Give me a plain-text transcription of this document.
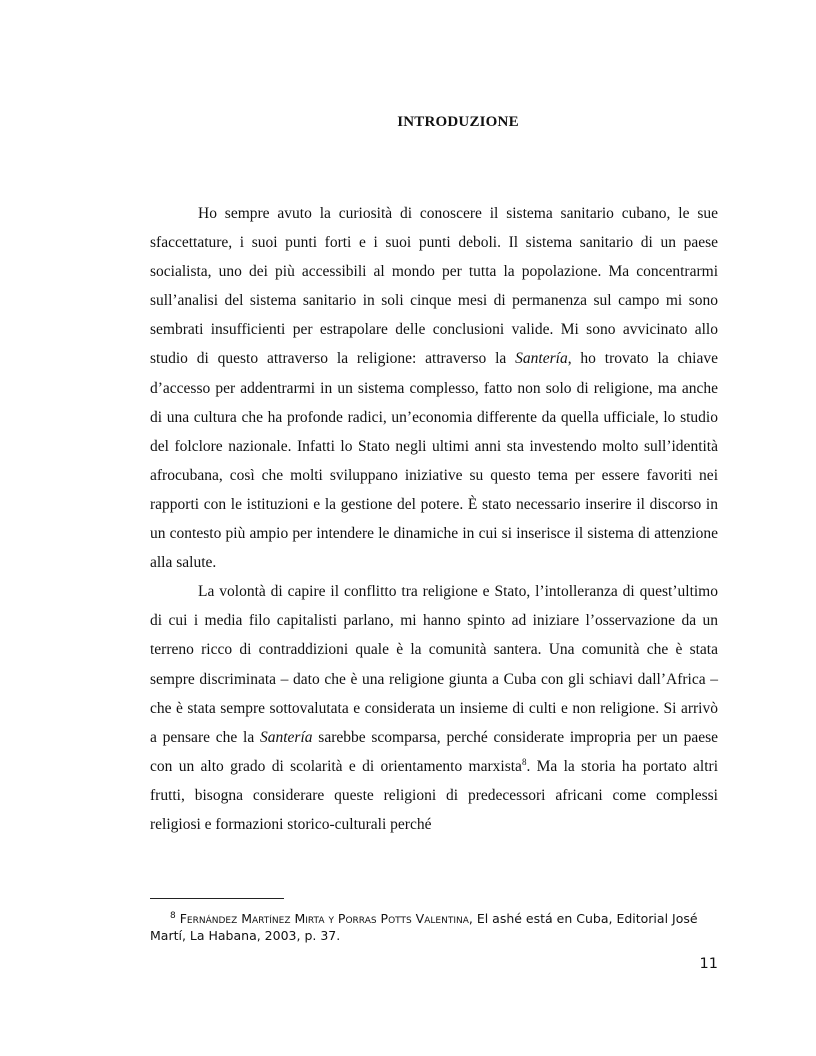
INTRODUZIONE

Ho sempre avuto la curiosità di conoscere il sistema sanitario cubano, le sue sfaccettature, i suoi punti forti e i suoi punti deboli. Il sistema sanitario di un paese socialista, uno dei più accessibili al mondo per tutta la popolazione. Ma concentrarmi sull’analisi del sistema sanitario in soli cinque mesi di permanenza sul campo mi sono sembrati insufficienti per estrapolare delle conclusioni valide. Mi sono avvicinato allo studio di questo attraverso la religione: attraverso la Santería, ho trovato la chiave d’accesso per addentrarmi in un sistema complesso, fatto non solo di religione, ma anche di una cultura che ha profonde radici, un’economia differente da quella ufficiale, lo studio del folclore nazionale. Infatti lo Stato negli ultimi anni sta investendo molto sull’identità afrocubana, così che molti sviluppano iniziative su questo tema per essere favoriti nei rapporti con le istituzioni e la gestione del potere. È stato necessario inserire il discorso in un contesto più ampio per intendere le dinamiche in cui si inserisce il sistema di attenzione alla salute.

La volontà di capire il conflitto tra religione e Stato, l’intolleranza di quest’ultimo di cui i media filo capitalisti parlano, mi hanno spinto ad iniziare l’osservazione da un terreno ricco di contraddizioni quale è la comunità santera. Una comunità che è stata sempre discriminata – dato che è una religione giunta a Cuba con gli schiavi dall’Africa – che è stata sempre sottovalutata e considerata un insieme di culti e non religione. Si arrivò a pensare che la Santería sarebbe scomparsa, perché considerate impropria per un paese con un alto grado di scolarità e di orientamento marxista$^8$. Ma la storia ha portato altri frutti, bisogna considerare queste religioni di predecessori africani come complessi religiosi e formazioni storico-culturali perché

$^8$ Fernández Martínez Mirta y Porras Potts Valentina, El ashé está en Cuba, Editorial José Martí, La Habana, 2003, p. 37.

11
